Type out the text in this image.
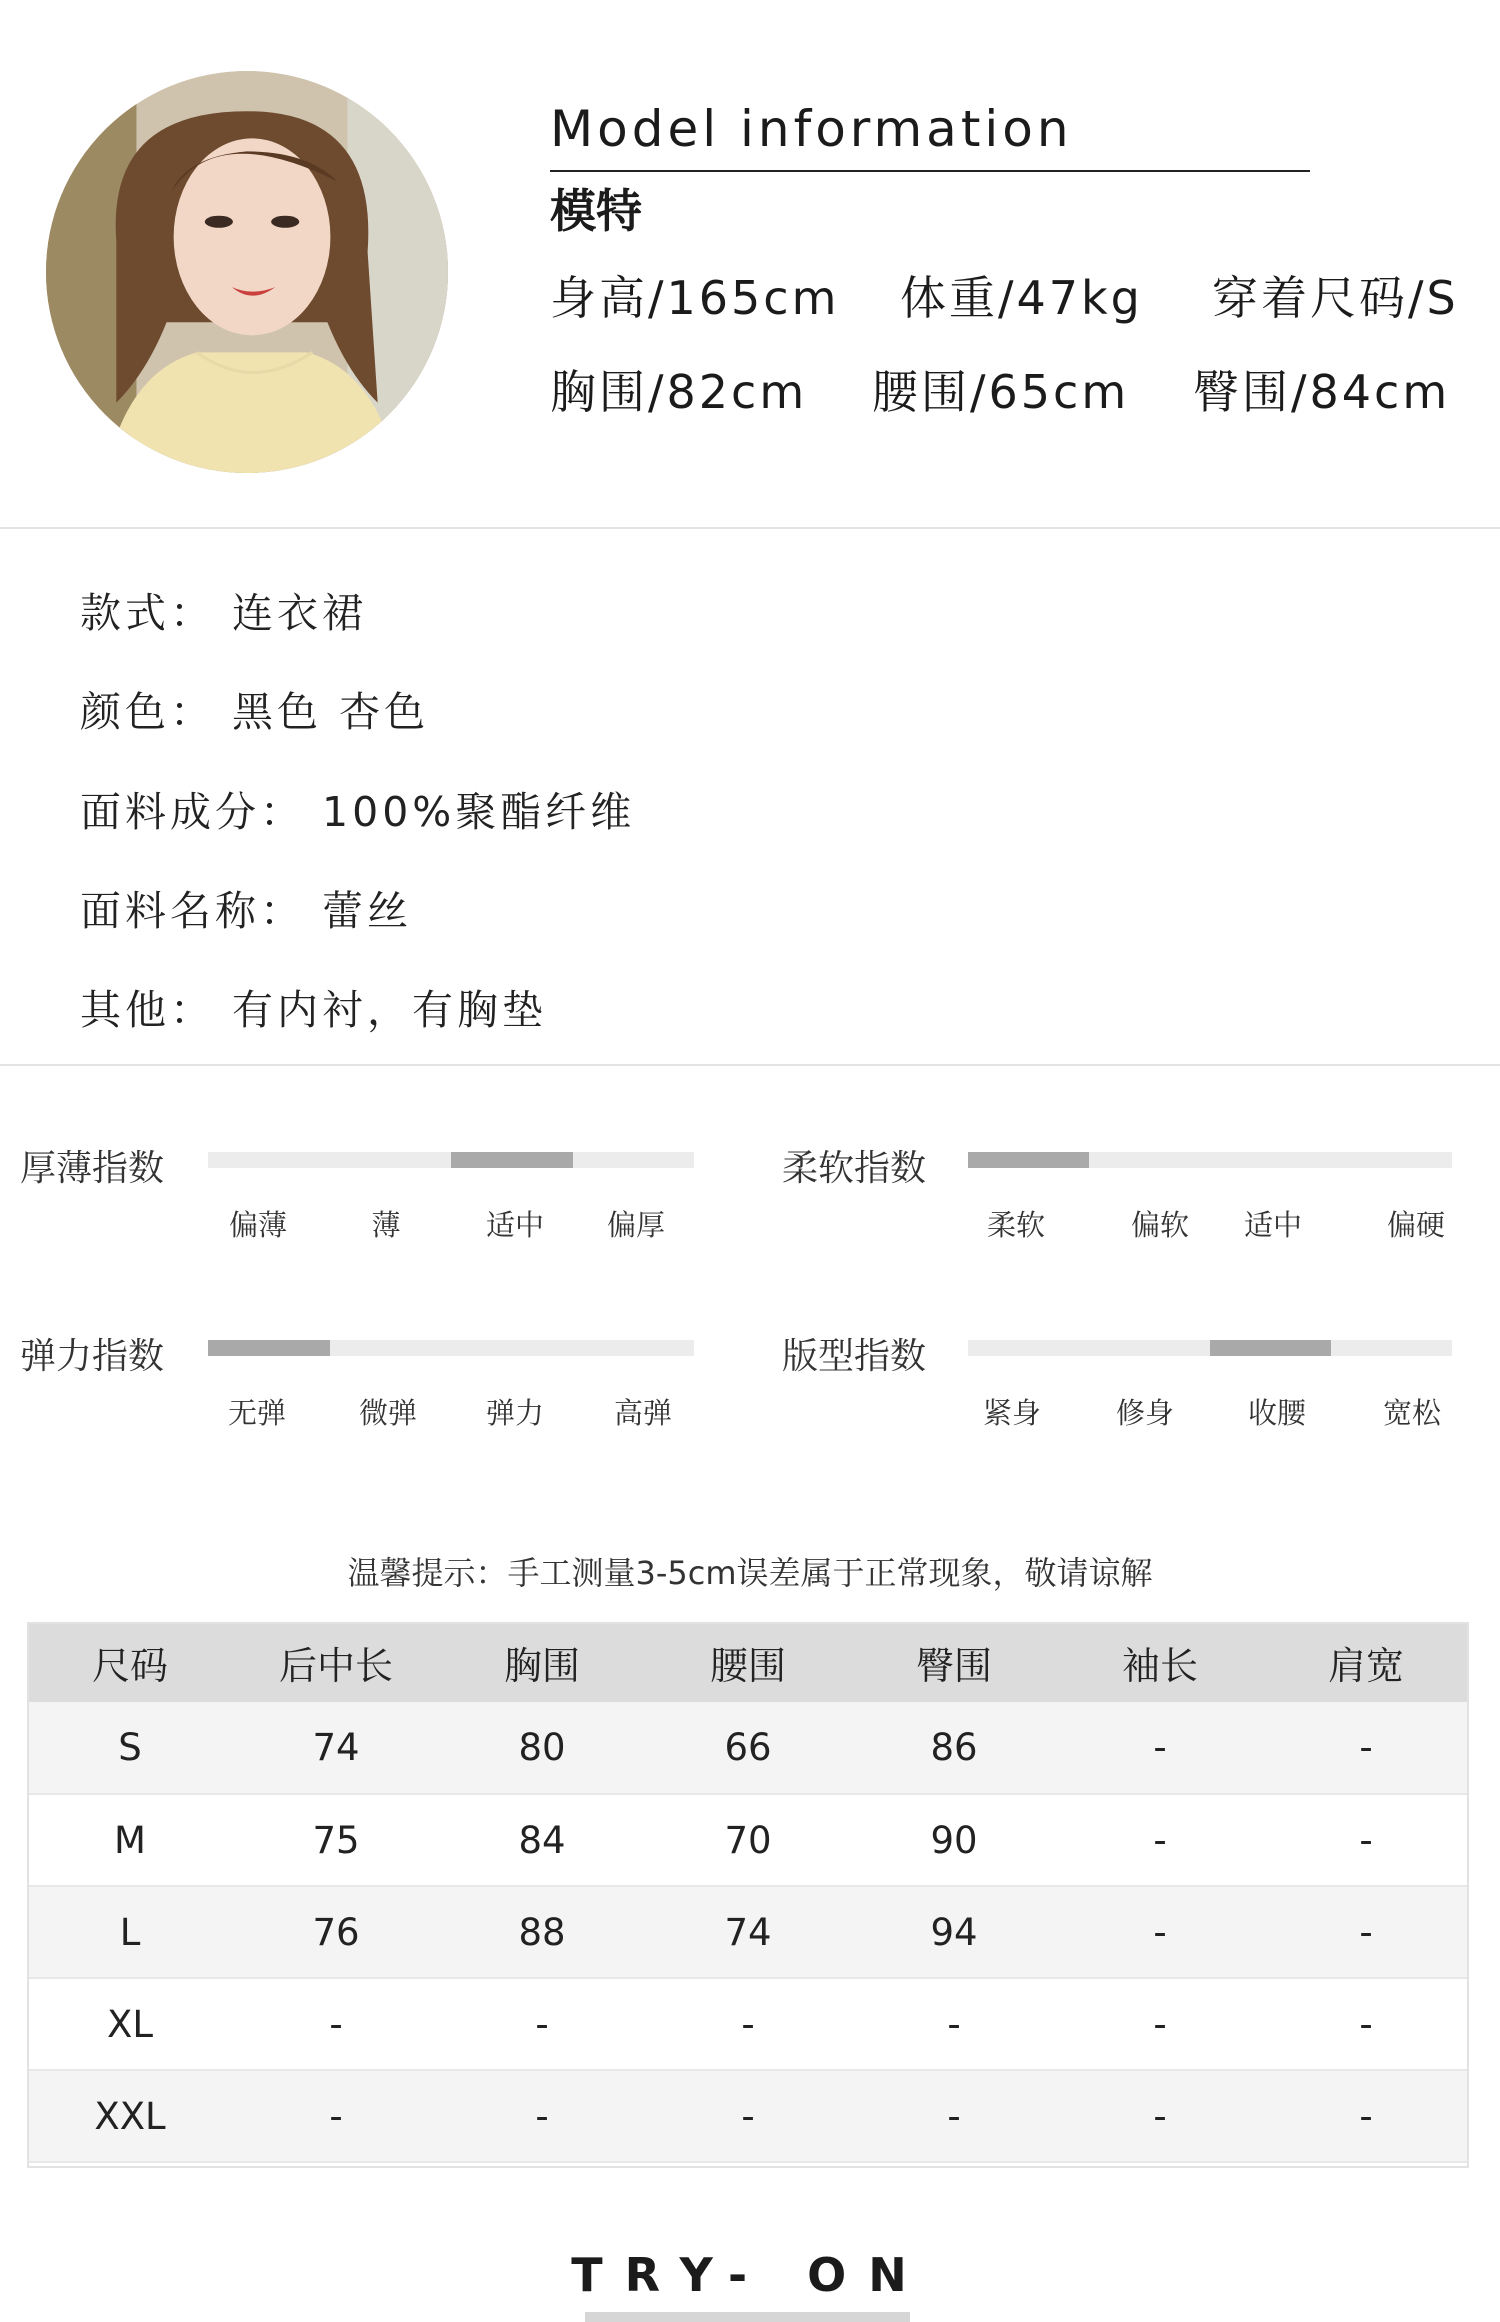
Model information
模特
身高/165cm 体重/47kg 穿着尺码/S
胸围/82cm 腰围/65cm 臀围/84cm
款式： 连衣裙
颜色： 黑色 杏色
面料成分： 100%聚酯纤维
面料名称： 蕾丝
其他： 有内衬，有胸垫
厚薄指数
偏薄	薄	适中 偏厚
柔软指数
柔软	偏软 适中	偏硬
弹力指数
无弹	微弹 弹力 高弹
版型指数
紧身	修身	收腰	宽松
温馨提示：手工测量3-5cm误差属于正常现象，敬请谅解
尺码	后中长	胸围	腰围	臀围	袖长	肩宽
S	74	80	66	86	-	-
M	75	84	70	90	-	-
L	76	88	74	94	-	-
XL	-	-	-	-	-	-
XXL	-	-	-	-	-	-
TRY- ON
